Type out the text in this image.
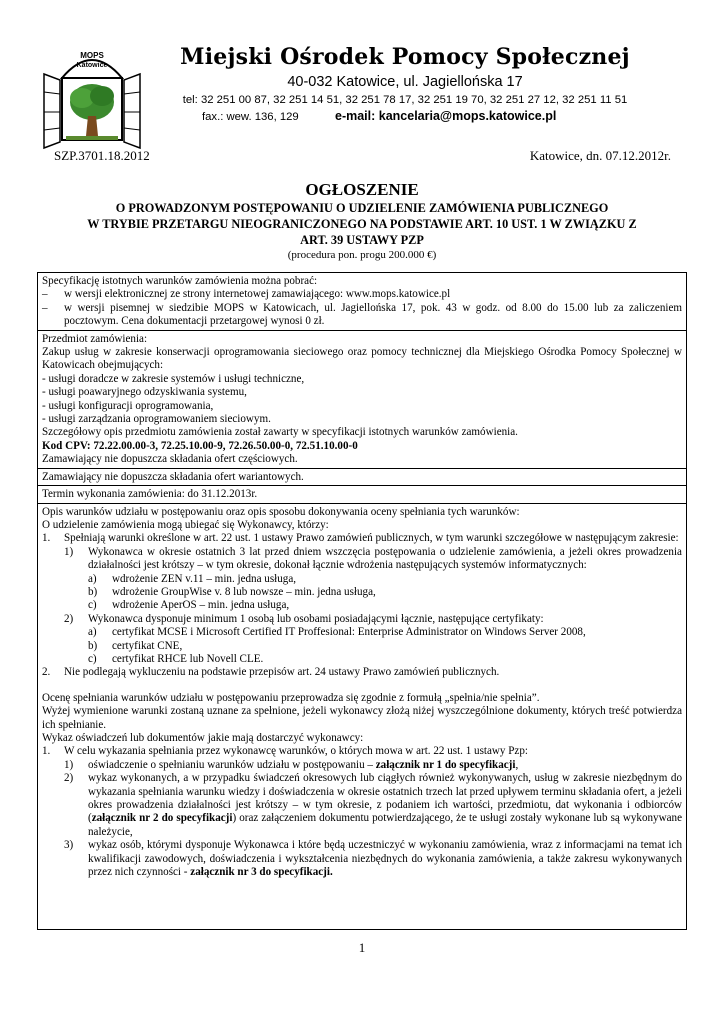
MOPS
Katowice	Miejski Ośrodek Pomocy Społecznej
40-032 Katowice, ul. Jagiellońska 17
tel: 32 251 00 87, 32 251 14 51, 32 251 78 17, 32 251 19 70, 32 251 27 12, 32 251 11 51
fax.: wew. 136, 129	e-mail: kancelaria@mops.katowice.pl
SZP.3701.18.2012	Katowice, dn. 07.12.2012r.
OGŁOSZENIE
O PROWADZONYM POSTĘPOWANIU O UDZIELENIE ZAMÓWIENIA PUBLICZNEGO
W TRYBIE PRZETARGU NIEOGRANICZONEGO NA PODSTAWIE ART. 10 UST. 1 W ZWIĄZKU Z
ART. 39 USTAWY PZP
(procedura pon. progu 200.000 €)

Specyfikację istotnych warunków zamówienia można pobrać:

–	w wersji elektronicznej ze strony internetowej zamawiającego: www.mops.katowice.pl
–	w wersji pisemnej w siedzibie MOPS w Katowicach, ul. Jagiellońska 17, pok. 43 w godz. od 8.00 do 15.00 lub za zaliczeniem pocztowym. Cena dokumentacji przetargowej wynosi 0 zł.

Przedmiot zamówienia:

Zakup usług w zakresie konserwacji oprogramowania sieciowego oraz pomocy technicznej dla Miejskiego Ośrodka Pomocy Społecznej w Katowicach obejmujących:

- usługi doradcze w zakresie systemów i usługi techniczne,

- usługi poawaryjnego odzyskiwania systemu,

- usługi konfiguracji oprogramowania,

- usługi zarządzania oprogramowaniem sieciowym.

Szczegółowy opis przedmiotu zamówienia został zawarty w specyfikacji istotnych warunków zamówienia.

Kod CPV: 72.22.00.00-3, 72.25.10.00-9, 72.26.50.00-0, 72.51.10.00-0

Zamawiający nie dopuszcza składania ofert częściowych.

Zamawiający nie dopuszcza składania ofert wariantowych.

Termin wykonania zamówienia: do 31.12.2013r.

Opis warunków udziału w postępowaniu oraz opis sposobu dokonywania oceny spełniania tych warunków:

O udzielenie zamówienia mogą ubiegać się Wykonawcy, którzy:

1.	Spełniają warunki określone w art. 22 ust. 1 ustawy Prawo zamówień publicznych, w tym warunki szczegółowe w następującym zakresie:
1)	Wykonawca w okresie ostatnich 3 lat przed dniem wszczęcia postępowania o udzielenie zamówienia, a jeżeli okres prowadzenia działalności jest krótszy – w tym okresie, dokonał łącznie wdrożenia następujących systemów informatycznych:
a)	wdrożenie ZEN v.11 – min. jedna usługa,
b)	wdrożenie GroupWise v. 8 lub nowsze – min. jedna usługa,
c)	wdrożenie AperOS – min. jedna usługa,
2)	Wykonawca dysponuje minimum 1 osobą lub osobami posiadającymi łącznie, następujące certyfikaty:
a)	certyfikat MCSE i Microsoft Certified IT Proffesional: Enterprise Administrator on Windows Server 2008,
b)	certyfikat CNE,
c)	certyfikat RHCE lub Novell CLE.
2.	Nie podlegają wykluczeniu na podstawie przepisów art. 24 ustawy Prawo zamówień publicznych.

Ocenę spełniania warunków udziału w postępowaniu przeprowadza się zgodnie z formułą „spełnia/nie spełnia”.

Wyżej wymienione warunki zostaną uznane za spełnione, jeżeli wykonawcy złożą niżej wyszczególnione dokumenty, których treść potwierdza ich spełnianie.

Wykaz oświadczeń lub dokumentów jakie mają dostarczyć wykonawcy:

1.	W celu wykazania spełniania przez wykonawcę warunków, o których mowa w art. 22 ust. 1 ustawy Pzp:
1)	oświadczenie o spełnianiu warunków udziału w postępowaniu – załącznik nr 1 do specyfikacji,
2)	wykaz wykonanych, a w przypadku świadczeń okresowych lub ciągłych również wykonywanych, usług w zakresie niezbędnym do wykazania spełniania warunku wiedzy i doświadczenia w okresie ostatnich trzech lat przed upływem terminu składania ofert, a jeżeli okres prowadzenia działalności jest krótszy – w tym okresie, z podaniem ich wartości, przedmiotu, dat wykonania i odbiorców (załącznik nr 2 do specyfikacji) oraz załączeniem dokumentu potwierdzającego, że te usługi zostały wykonane lub są wykonywane należycie,
3)	wykaz osób, którymi dysponuje Wykonawca i które będą uczestniczyć w wykonaniu zamówienia, wraz z informacjami na temat ich kwalifikacji zawodowych, doświadczenia i wykształcenia niezbędnych do wykonania zamówienia, a także zakresu wykonywanych przez nich czynności - załącznik nr 3 do specyfikacji.
1
